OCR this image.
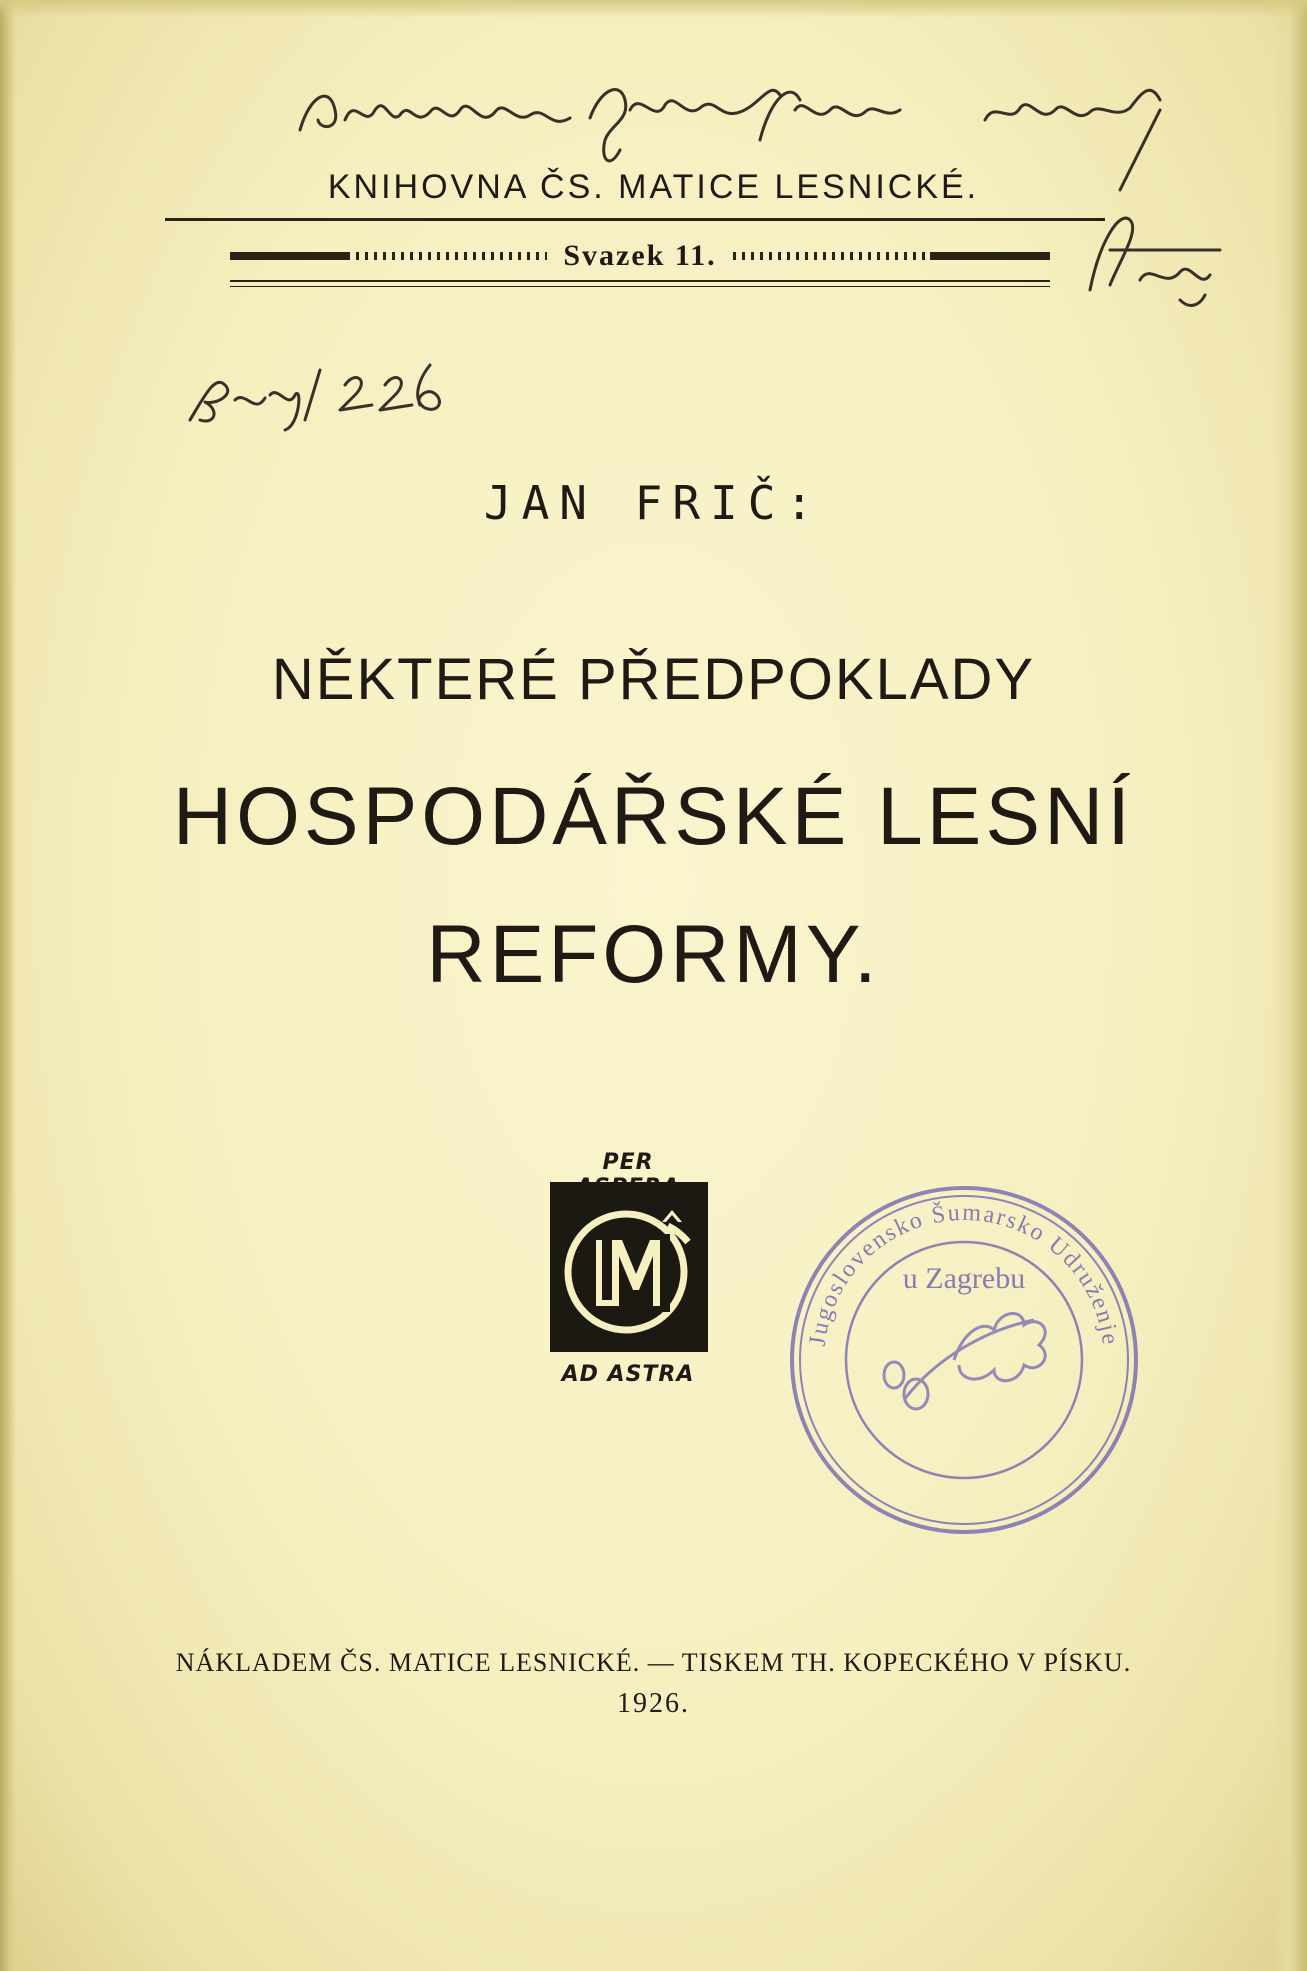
KNIHOVNA ČS. MATICE LESNICKÉ.
Svazek 11.
JAN FRIČ:
NĚKTERÉ PŘEDPOKLADY
HOSPODÁŘSKÉ LESNÍ
REFORMY.
PER
AD ASTRA
Jugoslovensko Šumarsko Udruženje
u Zagrebu
NÁKLADEM ČS. MATICE LESNICKÉ. — TISKEM TH. KOPECKÉHO V PÍSKU.
1926.
